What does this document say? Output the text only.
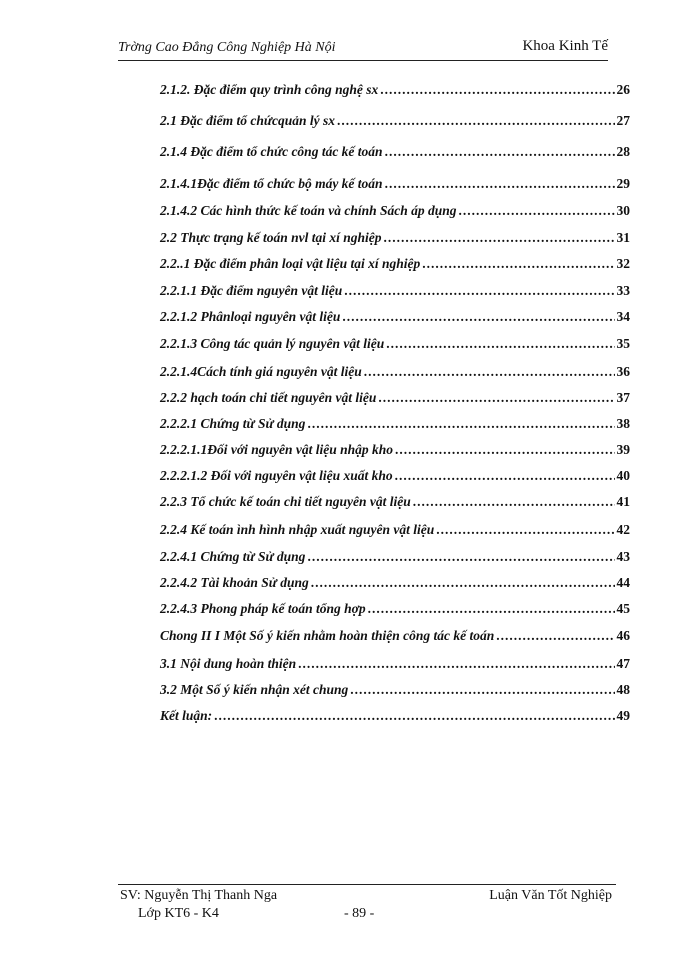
Trờng Cao Đẳng Công Nghiệp Hà Nội	Khoa Kinh Tế
2.1.2. Đặc điểm quy trình công nghệ sx .....	26
2.1 Đặc điểm tổ chứcquản lý sx .....	27
2.1.4 Đặc điểm tổ chức công tác kế toán .....	28
2.1.4.1Đặc điểm tổ chức bộ máy kế toán .....	29
2.1.4.2 Các hình thức kế toán và chính Sách áp dụng .....	30
2.2 Thực trạng kế toán nvl tại xí nghiệp .....	31
2.2..1 Đặc điểm phân loại vật liệu tại xí nghiệp .....	32
2.2.1.1 Đặc điểm nguyên vật liệu .....	33
2.2.1.2 Phânloại nguyên vật liệu .....	34
2.2.1.3 Công tác quản lý nguyên vật liệu .....	35
2.2.1.4Cách tính giá nguyên vật liệu .....	36
2.2.2 hạch toán chi tiết nguyên vật liệu .....	37
2.2.2.1 Chứng từ Sử dụng .....	38
2.2.2.1.1Đối với nguyên vật liệu nhập kho .....	39
2.2.2.1.2 Đối với nguyên vật liệu xuất kho .....	40
2.2.3 Tổ chức kế toán chi tiết nguyên vật liệu .....	41
2.2.4 Kế toán ình hình nhập xuất nguyên vật liệu .....	42
2.2.4.1 Chứng từ Sử dụng .....	43
2.2.4.2 Tài khoản Sử dụng .....	44
2.2.4.3 Phong pháp kế toán tổng hợp .....	45
Chong II I Một Số ý kiến nhằm hoàn thiện công tác kế toán .....	46
3.1 Nội dung hoàn thiện .....	47
3.2 Một Số ý kiến nhận xét chung .....	48
Kết luận: .....	49
SV: Nguyễn Thị Thanh Nga
Lớp KT6 - K4	- 89 -
Luận Văn Tốt Nghiệp
